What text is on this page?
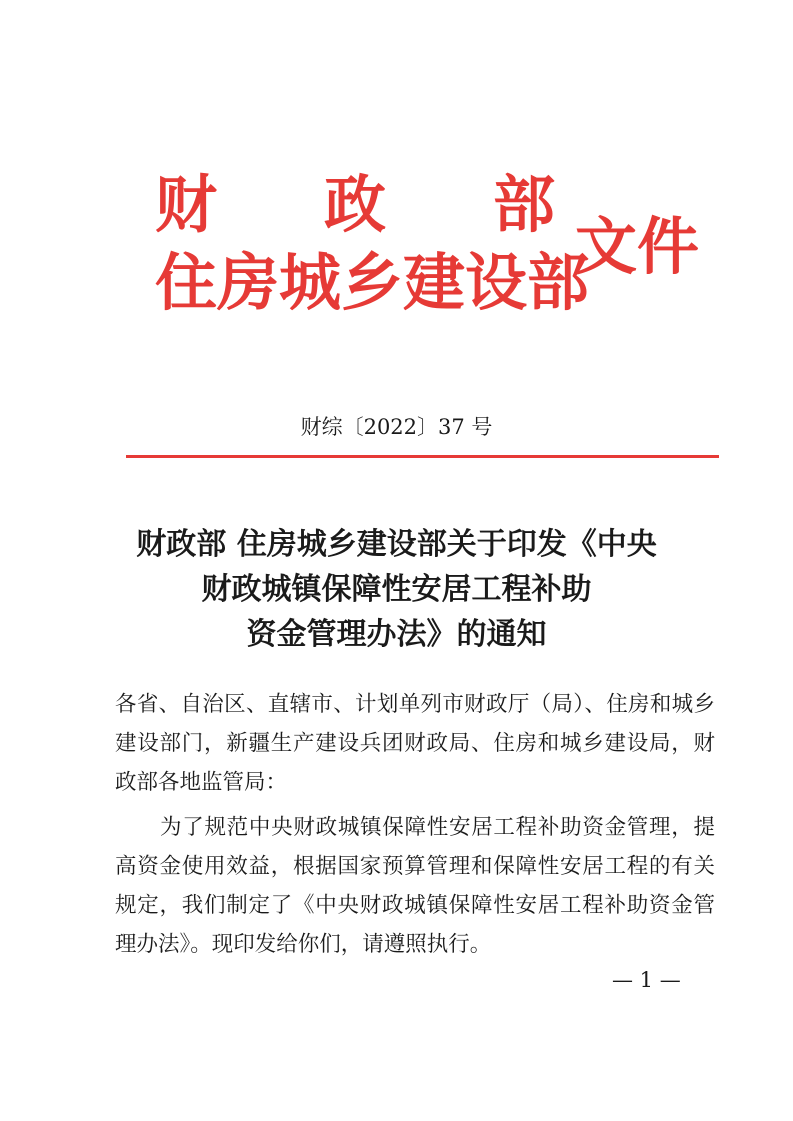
财 政 部
住房城乡建设部
文件
财综〔2022〕37 号
财政部 住房城乡建设部关于印发《中央
财政城镇保障性安居工程补助
资金管理办法》的通知
各省、自治区、直辖市、计划单列市财政厅（局）、住房和城乡建设部门，新疆生产建设兵团财政局、住房和城乡建设局，财政部各地监管局：
为了规范中央财政城镇保障性安居工程补助资金管理，提高资金使用效益，根据国家预算管理和保障性安居工程的有关规定，我们制定了《中央财政城镇保障性安居工程补助资金管理办法》。现印发给你们，请遵照执行。
— 1 —
